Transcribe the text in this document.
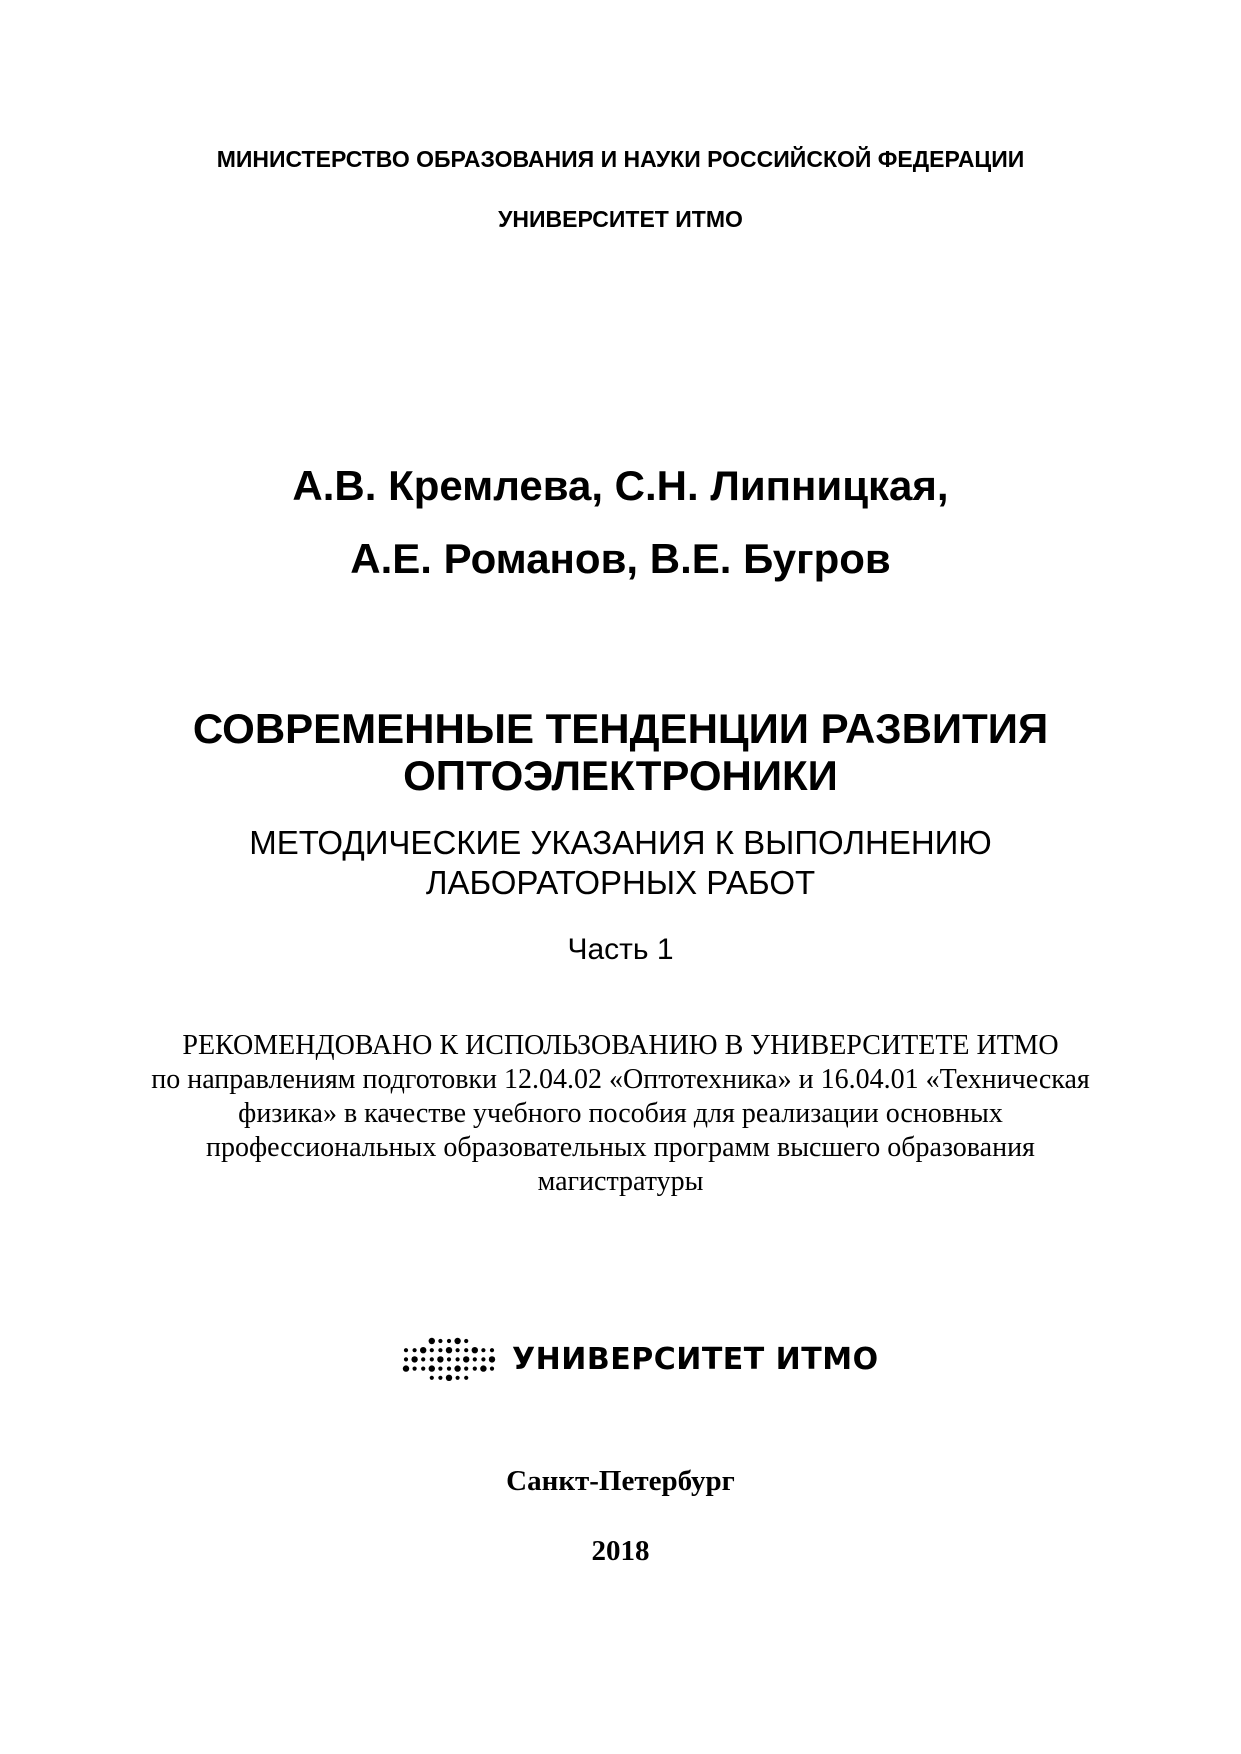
МИНИСТЕРСТВО ОБРАЗОВАНИЯ И НАУКИ РОССИЙСКОЙ ФЕДЕРАЦИИ
УНИВЕРСИТЕТ ИТМО
А.В. Кремлева, С.Н. Липницкая,
А.Е. Романов, В.Е. Бугров
СОВРЕМЕННЫЕ ТЕНДЕНЦИИ РАЗВИТИЯ
ОПТОЭЛЕКТРОНИКИ
МЕТОДИЧЕСКИЕ УКАЗАНИЯ К ВЫПОЛНЕНИЮ
ЛАБОРАТОРНЫХ РАБОТ
Часть 1
РЕКОМЕНДОВАНО К ИСПОЛЬЗОВАНИЮ В УНИВЕРСИТЕТЕ ИТМО
по направлениям подготовки 12.04.02 «Оптотехника» и 16.04.01 «Техническая
физика» в качестве учебного пособия для реализации основных
профессиональных образовательных программ высшего образования
магистратуры
УНИВЕРСИТЕТ ИТМО
Санкт-Петербург
2018
